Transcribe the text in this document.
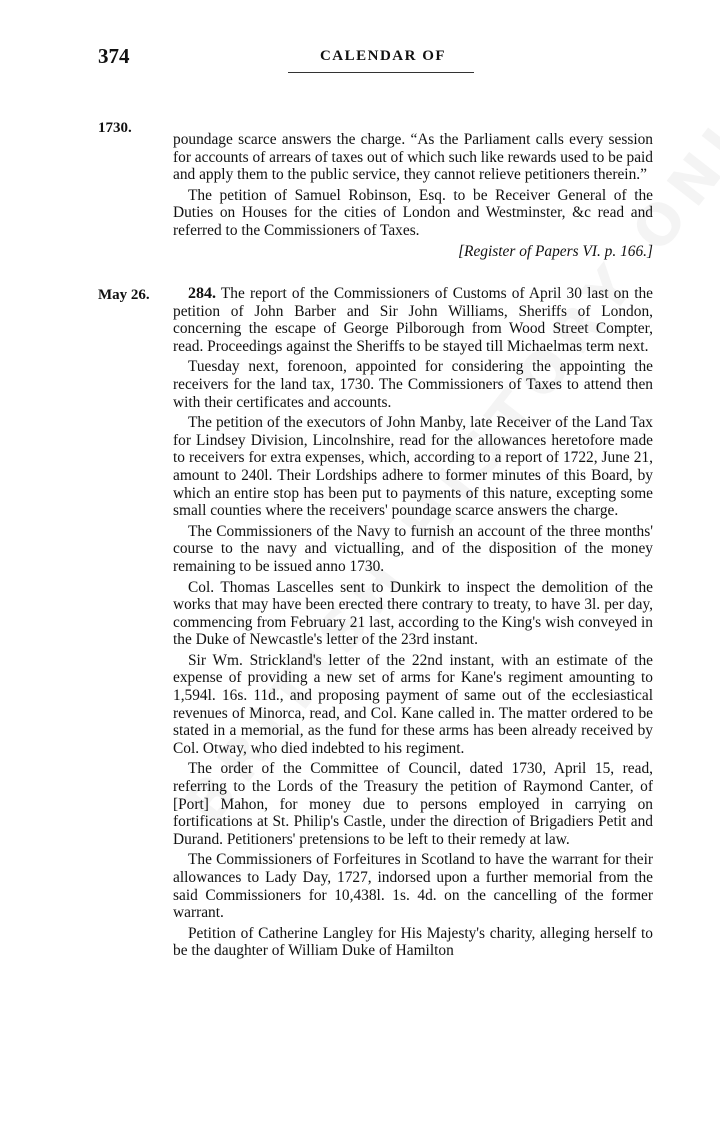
374	CALENDAR OF
1730.
May 26.

poundage scarce answers the charge. “As the Parliament calls every session for accounts of arrears of taxes out of which such like rewards used to be paid and apply them to the public service, they cannot relieve petitioners therein.”

The petition of Samuel Robinson, Esq. to be Receiver General of the Duties on Houses for the cities of London and Westminster, &c read and referred to the Commissioners of Taxes.

[Register of Papers VI. p. 166.]

284. The report of the Commissioners of Customs of April 30 last on the petition of John Barber and Sir John Williams, Sheriffs of London, concerning the escape of George Pilborough from Wood Street Compter, read. Proceedings against the Sheriffs to be stayed till Michaelmas term next.

Tuesday next, forenoon, appointed for considering the appointing the receivers for the land tax, 1730. The Commissioners of Taxes to attend then with their certificates and accounts.

The petition of the executors of John Manby, late Receiver of the Land Tax for Lindsey Division, Lincolnshire, read for the allowances heretofore made to receivers for extra expenses, which, according to a report of 1722, June 21, amount to 240l. Their Lordships adhere to former minutes of this Board, by which an entire stop has been put to payments of this nature, excepting some small counties where the receivers' poundage scarce answers the charge.

The Commissioners of the Navy to furnish an account of the three months' course to the navy and victualling, and of the disposition of the money remaining to be issued anno 1730.

Col. Thomas Lascelles sent to Dunkirk to inspect the demolition of the works that may have been erected there contrary to treaty, to have 3l. per day, commencing from February 21 last, according to the King's wish conveyed in the Duke of Newcastle's letter of the 23rd instant.

Sir Wm. Strickland's letter of the 22nd instant, with an estimate of the expense of providing a new set of arms for Kane's regiment amounting to 1,594l. 16s. 11d., and proposing payment of same out of the ecclesiastical revenues of Minorca, read, and Col. Kane called in. The matter ordered to be stated in a memorial, as the fund for these arms has been already received by Col. Otway, who died indebted to his regiment.

The order of the Committee of Council, dated 1730, April 15, read, referring to the Lords of the Treasury the petition of Raymond Canter, of [Port] Mahon, for money due to persons employed in carrying on fortifications at St. Philip's Castle, under the direction of Brigadiers Petit and Durand. Petitioners' pretensions to be left to their remedy at law.

The Commissioners of Forfeitures in Scotland to have the warrant for their allowances to Lady Day, 1727, indorsed upon a further memorial from the said Commissioners for 10,438l. 1s. 4d. on the cancelling of the former warrant.

Petition of Catherine Langley for His Majesty's charity, alleging herself to be the daughter of William Duke of Hamilton
